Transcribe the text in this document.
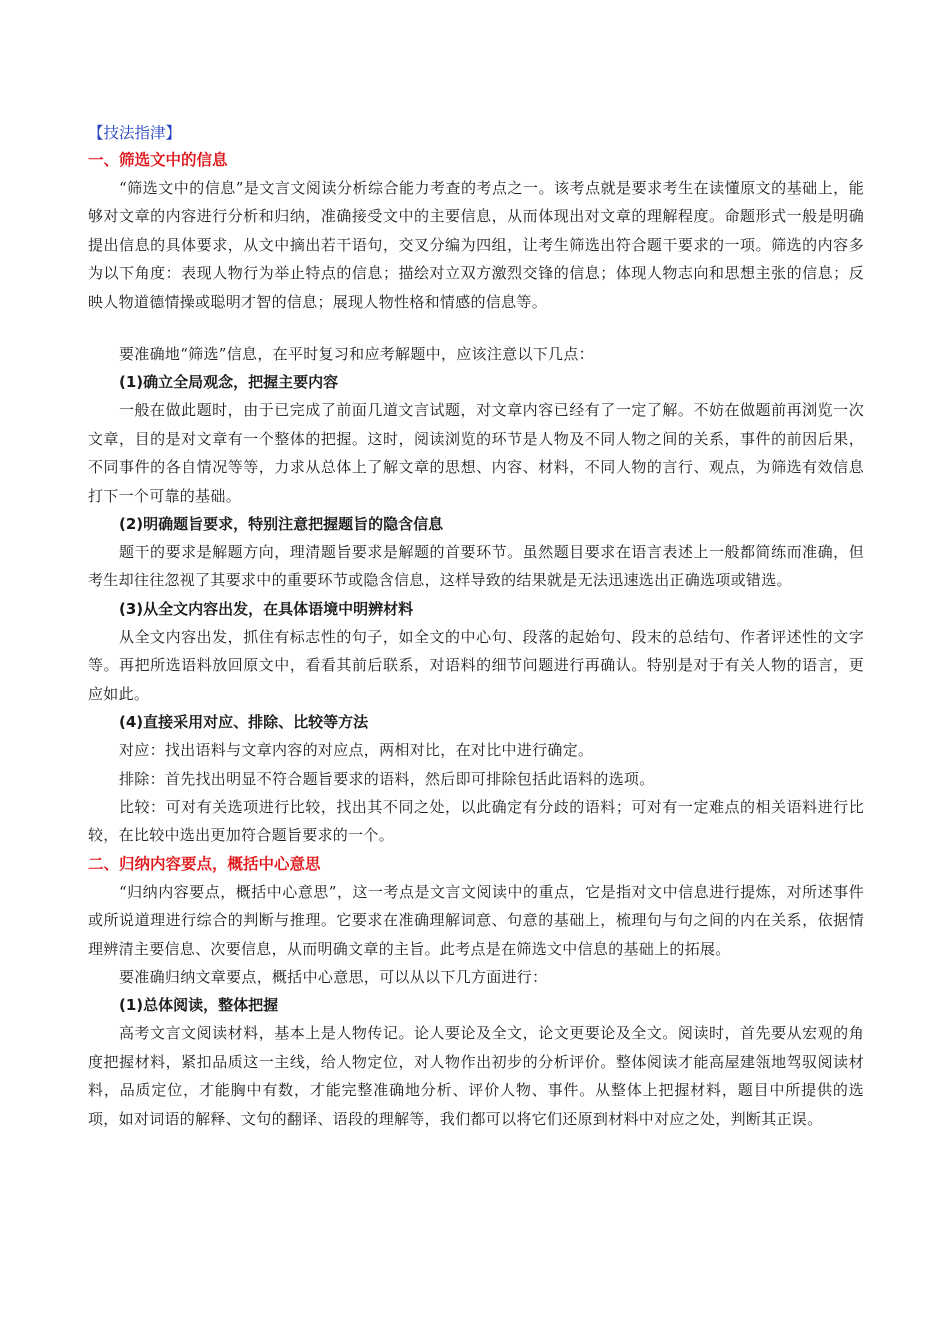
【技法指津】
一、筛选文中的信息

“筛选文中的信息”是文言文阅读分析综合能力考查的考点之一。该考点就是要求考生在读懂原文的基础上，能够对文章的内容进行分析和归纳，准确接受文中的主要信息，从而体现出对文章的理解程度。命题形式一般是明确提出信息的具体要求，从文中摘出若干语句，交叉分编为四组，让考生筛选出符合题干要求的一项。筛选的内容多为以下角度：表现人物行为举止特点的信息；描绘对立双方激烈交锋的信息；体现人物志向和思想主张的信息；反映人物道德情操或聪明才智的信息；展现人物性格和情感的信息等。

要准确地“筛选”信息，在平时复习和应考解题中，应该注意以下几点：

(1)确立全局观念，把握主要内容

一般在做此题时，由于已完成了前面几道文言试题，对文章内容已经有了一定了解。不妨在做题前再浏览一次文章，目的是对文章有一个整体的把握。这时，阅读浏览的环节是人物及不同人物之间的关系，事件的前因后果，不同事件的各自情况等等，力求从总体上了解文章的思想、内容、材料，不同人物的言行、观点，为筛选有效信息打下一个可靠的基础。

(2)明确题旨要求，特别注意把握题旨的隐含信息

题干的要求是解题方向，理清题旨要求是解题的首要环节。虽然题目要求在语言表述上一般都简练而准确，但考生却往往忽视了其要求中的重要环节或隐含信息，这样导致的结果就是无法迅速选出正确选项或错选。

(3)从全文内容出发，在具体语境中明辨材料

从全文内容出发，抓住有标志性的句子，如全文的中心句、段落的起始句、段末的总结句、作者评述性的文字等。再把所选语料放回原文中，看看其前后联系，对语料的细节问题进行再确认。特别是对于有关人物的语言，更应如此。

(4)直接采用对应、排除、比较等方法

对应：找出语料与文章内容的对应点，两相对比，在对比中进行确定。

排除：首先找出明显不符合题旨要求的语料，然后即可排除包括此语料的选项。

比较：可对有关选项进行比较，找出其不同之处，以此确定有分歧的语料；可对有一定难点的相关语料进行比较，在比较中选出更加符合题旨要求的一个。

二、归纳内容要点，概括中心意思

“归纳内容要点，概括中心意思”，这一考点是文言文阅读中的重点，它是指对文中信息进行提炼，对所述事件或所说道理进行综合的判断与推理。它要求在准确理解词意、句意的基础上，梳理句与句之间的内在关系，依据情理辨清主要信息、次要信息，从而明确文章的主旨。此考点是在筛选文中信息的基础上的拓展。

要准确归纳文章要点，概括中心意思，可以从以下几方面进行：

(1)总体阅读，整体把握

高考文言文阅读材料，基本上是人物传记。论人要论及全文，论文更要论及全文。阅读时，首先要从宏观的角度把握材料，紧扣品质这一主线，给人物定位，对人物作出初步的分析评价。整体阅读才能高屋建瓴地驾驭阅读材料，品质定位，才能胸中有数，才能完整准确地分析、评价人物、事件。从整体上把握材料，题目中所提供的选项，如对词语的解释、文句的翻译、语段的理解等，我们都可以将它们还原到材料中对应之处，判断其正误。
